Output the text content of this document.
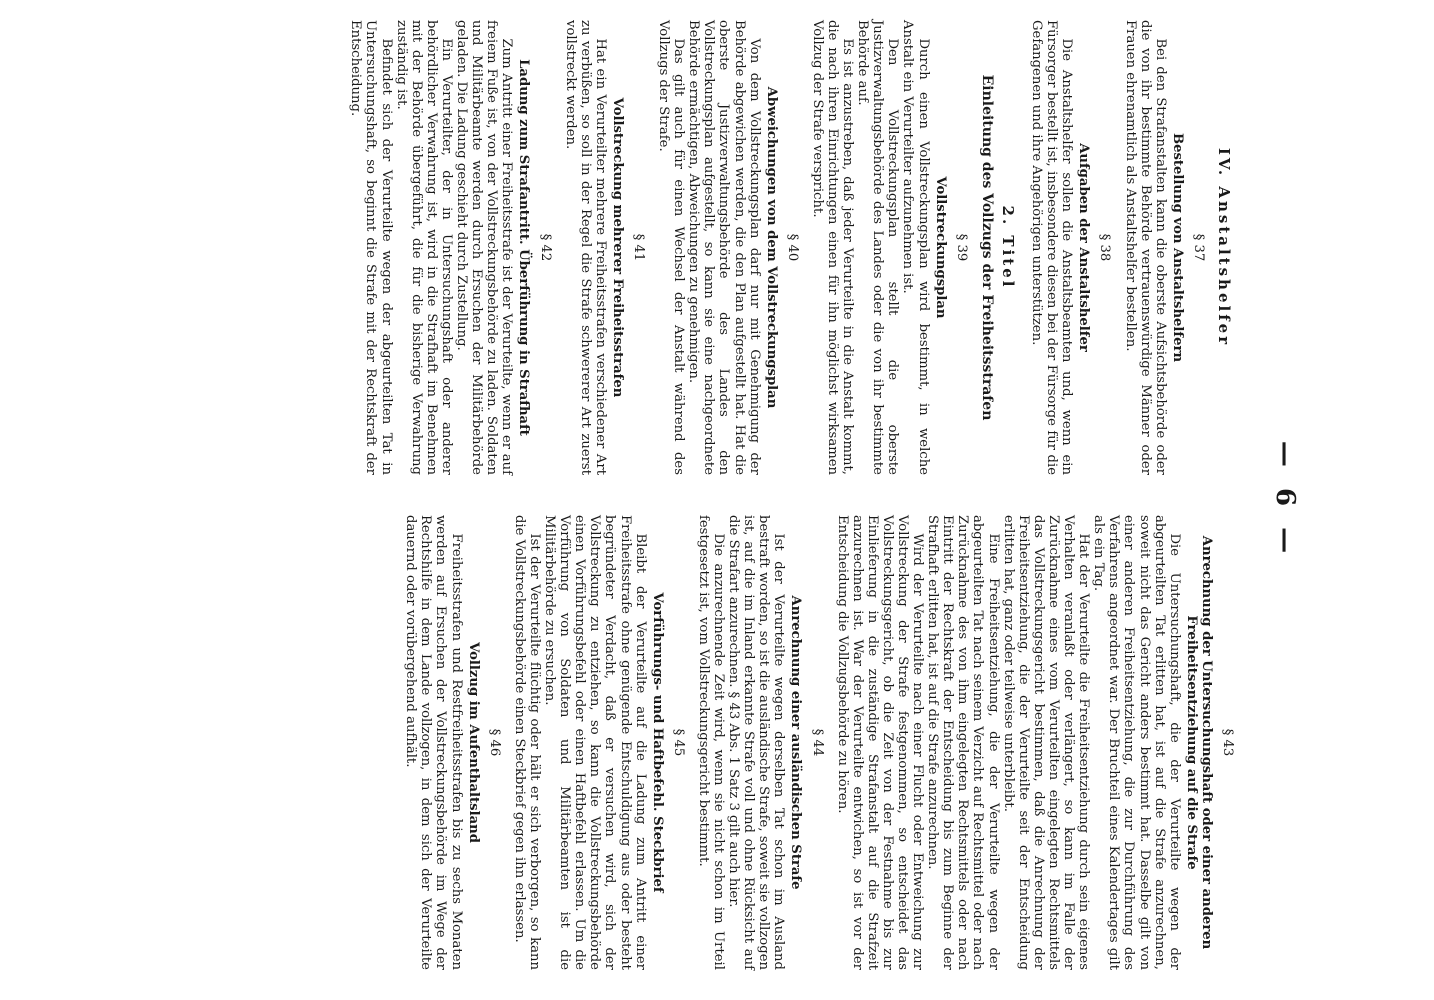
— 6 —
IV. Anstaltshelfer
§ 37
Bestellung von Anstaltshelfern

Bei den Strafanstalten kann die oberste Aufsichtsbehörde oder die von ihr bestimmte Behörde vertrauenswürdige Männer oder Frauen ehrenamtlich als Anstaltshelfer bestellen.

§ 38
Aufgaben der Anstaltshelfer

Die Anstaltshelfer sollen die Anstaltsbeamten und, wenn ein Fürsorger bestellt ist, insbesondere diesen bei der Fürsorge für die Gefangenen und ihre Angehörigen unterstützen.

2. Titel
Einleitung des Vollzugs der Freiheitsstrafen
§ 39
Vollstreckungsplan

Durch einen Vollstreckungsplan wird bestimmt, in welche Anstalt ein Verurteilter aufzunehmen ist.

Den Vollstreckungsplan stellt die oberste Justizverwaltungsbehörde des Landes oder die von ihr bestimmte Behörde auf.

Es ist anzustreben, daß jeder Verurteilte in die Anstalt kommt, die nach ihren Einrichtungen einen für ihn möglichst wirksamen Vollzug der Strafe verspricht.

§ 40
Abweichungen von dem Vollstreckungsplan

Von dem Vollstreckungsplan darf nur mit Genehmigung der Behörde abgewichen werden, die den Plan aufgestellt hat. Hat die oberste Justizverwaltungsbehörde des Landes den Vollstreckungsplan aufgestellt, so kann sie eine nachgeordnete Behörde ermächtigen, Abweichungen zu genehmigen.

Das gilt auch für einen Wechsel der Anstalt während des Vollzugs der Strafe.

§ 41
Vollstreckung mehrerer Freiheitsstrafen

Hat ein Verurteilter mehrere Freiheitsstrafen verschiedener Art zu verbüßen, so soll in der Regel die Strafe schwererer Art zuerst vollstreckt werden.

§ 42
Ladung zum Strafantritt. Überführung in Strafhaft

Zum Antritt einer Freiheitsstrafe ist der Verurteilte, wenn er auf freiem Fuße ist, von der Vollstreckungsbehörde zu laden. Soldaten und Militärbeamte werden durch Ersuchen der Militärbehörde geladen. Die Ladung geschieht durch Zustellung.

Ein Verurteilter, der in Untersuchungshaft oder anderer behördlicher Verwahrung ist, wird in die Strafhaft im Benehmen mit der Behörde übergeführt, die für die bisherige Verwahrung zuständig ist.

Befindet sich der Verurteilte wegen der abgeurteilten Tat in Untersuchungshaft, so beginnt die Strafe mit der Rechtskraft der Entscheidung.

§ 43
Anrechnung der Untersuchungshaft oder einer anderen Freiheitsentziehung auf die Strafe

Die Untersuchungshaft, die der Verurteilte wegen der abgeurteilten Tat erlitten hat, ist auf die Strafe anzurechnen, soweit nicht das Gericht anders bestimmt hat. Dasselbe gilt von einer anderen Freiheitsentziehung, die zur Durchführung des Verfahrens angeordnet war. Der Bruchteil eines Kalendertages gilt als ein Tag.

Hat der Verurteilte die Freiheitsentziehung durch sein eigenes Verhalten veranlaßt oder verlängert, so kann im Falle der Zurücknahme eines vom Verurteilten eingelegten Rechtsmittels das Vollstreckungsgericht bestimmen, daß die Anrechnung der Freiheitsentziehung, die der Verurteilte seit der Entscheidung erlitten hat, ganz oder teilweise unterbleibt.

Eine Freiheitsentziehung, die der Verurteilte wegen der abgeurteilten Tat nach seinem Verzicht auf Rechtsmittel oder nach Zurücknahme des von ihm eingelegten Rechtsmittels oder nach Eintritt der Rechtskraft der Entscheidung bis zum Beginne der Strafhaft erlitten hat, ist auf die Strafe anzurechnen.

Wird der Verurteilte nach einer Flucht oder Entweichung zur Vollstreckung der Strafe festgenommen, so entscheidet das Vollstreckungsgericht, ob die Zeit von der Festnahme bis zur Einlieferung in die zuständige Strafanstalt auf die Strafzeit anzurechnen ist. War der Verurteilte entwichen, so ist vor der Entscheidung die Vollzugsbehörde zu hören.

§ 44
Anrechnung einer ausländischen Strafe

Ist der Verurteilte wegen derselben Tat schon im Ausland bestraft worden, so ist die ausländische Strafe, soweit sie vollzogen ist, auf die im Inland erkannte Strafe voll und ohne Rücksicht auf die Strafart anzurechnen. § 43 Abs. 1 Satz 3 gilt auch hier.

Die anzurechnende Zeit wird, wenn sie nicht schon im Urteil festgesetzt ist, vom Vollstreckungsgericht bestimmt.

§ 45
Vorführungs- und Haftbefehl. Steckbrief

Bleibt der Verurteilte auf die Ladung zum Antritt einer Freiheitsstrafe ohne genügende Entschuldigung aus oder besteht begründeter Verdacht, daß er versuchen wird, sich der Vollstreckung zu entziehen, so kann die Vollstreckungsbehörde einen Vorführungsbefehl oder einen Haftbefehl erlassen. Um die Vorführung von Soldaten und Militärbeamten ist die Militärbehörde zu ersuchen.

Ist der Verurteilte flüchtig oder hält er sich verborgen, so kann die Vollstreckungsbehörde einen Steckbrief gegen ihn erlassen.

§ 46
Vollzug im Aufenthaltsland

Freiheitsstrafen und Restfreiheitsstrafen bis zu sechs Monaten werden auf Ersuchen der Vollstreckungsbehörde im Wege der Rechtshilfe in dem Lande vollzogen, in dem sich der Verurteilte dauernd oder vorübergehend aufhält.
